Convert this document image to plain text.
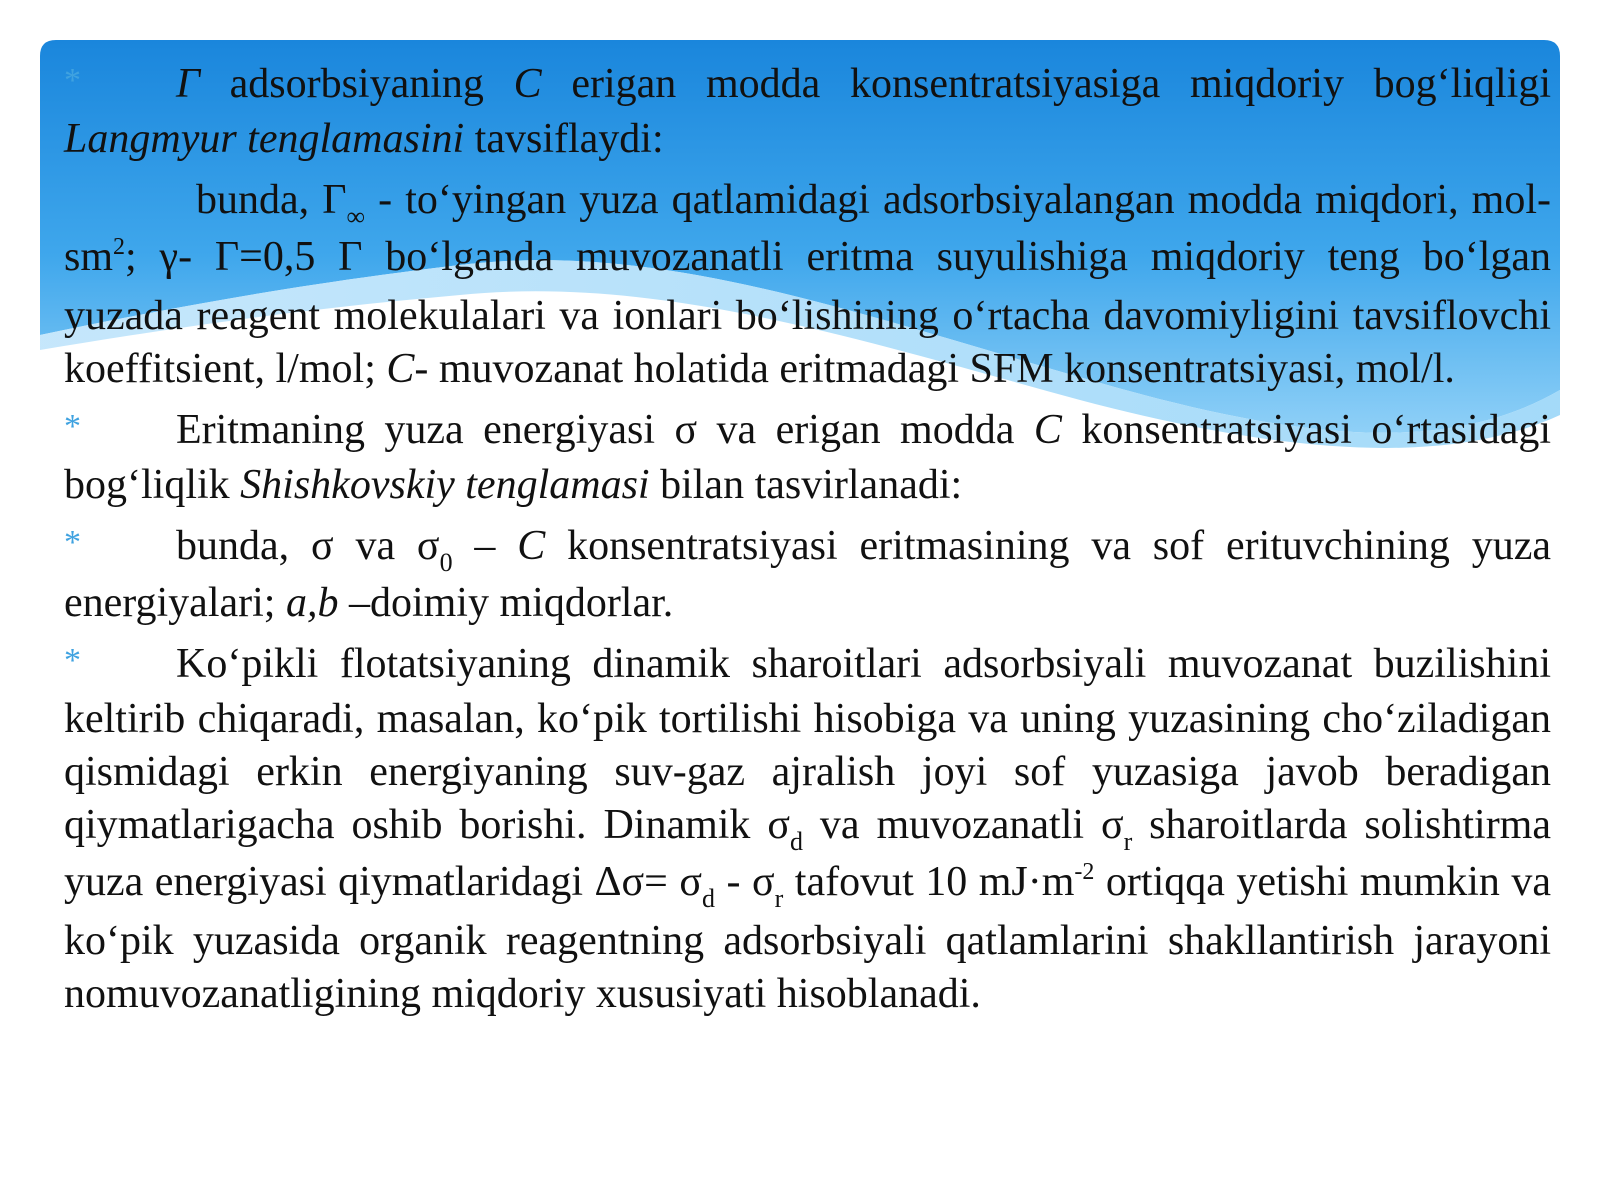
* Г adsorbsiyaning C erigan modda konsentratsiyasiga miqdoriy bog‘liqligi Langmyur tenglamasini tavsiflaydi:

bunda, $Г_\infty$ - to‘yingan yuza qatlamidagi adsorbsiyalangan modda miqdori, mol-$sm^2$; γ- Г=0,5 Г bo‘lganda muvozanatli eritma suyulishiga miqdoriy teng bo‘lgan yuzada reagent molekulalari va ionlari bo‘lishining o‘rtacha davomiyligini tavsiflovchi koeffitsient, l/mol; C- muvozanat holatida eritmadagi SFM konsentratsiyasi, mol/l.

* Eritmaning yuza energiyasi σ va erigan modda C konsentratsiyasi o‘rtasidagi bog‘liqlik Shishkovskiy tenglamasi bilan tasvirlanadi:

* bunda, σ va $\sigma_0$ – C konsentratsiyasi eritmasining va sof erituvchining yuza energiyalari; a,b –doimiy miqdorlar.

* Ko‘pikli flotatsiyaning dinamik sharoitlari adsorbsiyali muvozanat buzilishini keltirib chiqaradi, masalan, ko‘pik tortilishi hisobiga va uning yuzasining cho‘ziladigan qismidagi erkin energiyaning suv-gaz ajralish joyi sof yuzasiga javob beradigan qiymatlarigacha oshib borishi. Dinamik $\sigma_d$ va muvozanatli $\sigma_r$ sharoitlarda solishtirma yuza energiyasi qiymatlaridagi $\Delta\sigma= \sigma_d - \sigma_r$ tafovut 10 $mJ\cdot m^{-2}$ ortiqqa yetishi mumkin va ko‘pik yuzasida organik reagentning adsorbsiyali qatlamlarini shakllantirish jarayoni nomuvozanatligining miqdoriy xususiyati hisoblanadi.
